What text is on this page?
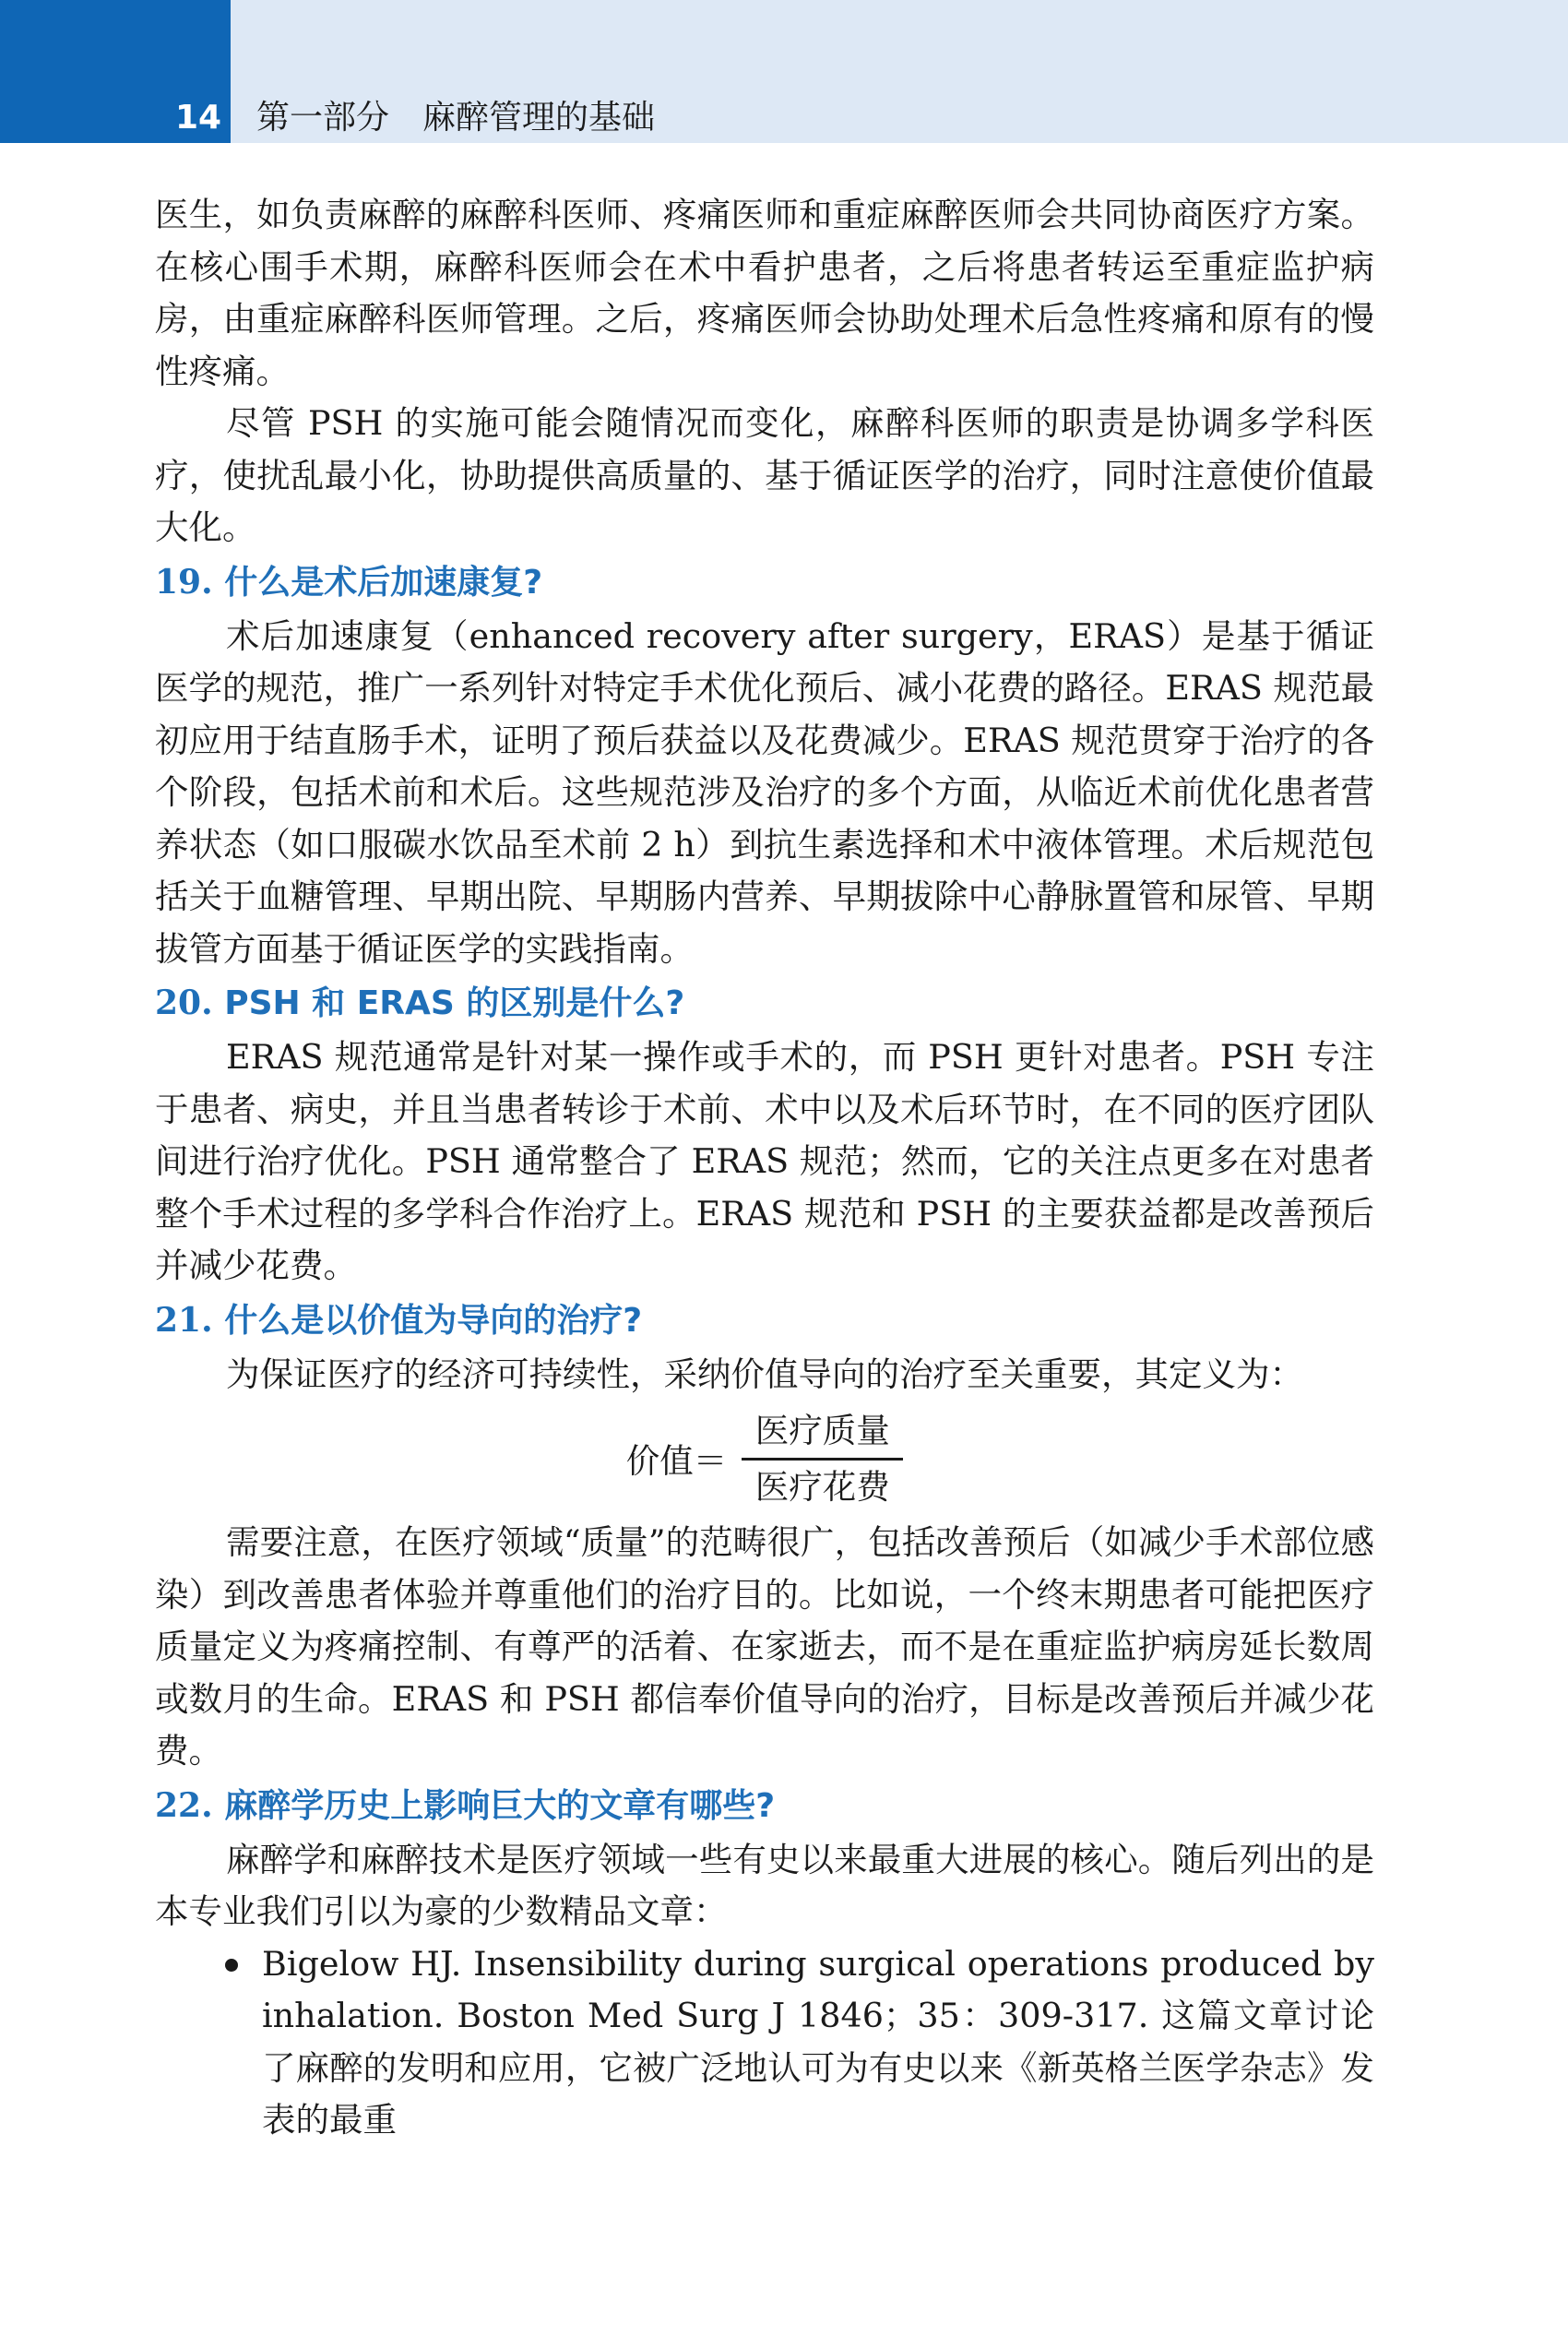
14 第一部分　麻醉管理的基础

医生，如负责麻醉的麻醉科医师、疼痛医师和重症麻醉医师会共同协商医疗方案。在核心围手术期，麻醉科医师会在术中看护患者，之后将患者转运至重症监护病房，由重症麻醉科医师管理。之后，疼痛医师会协助处理术后急性疼痛和原有的慢性疼痛。

尽管 PSH 的实施可能会随情况而变化，麻醉科医师的职责是协调多学科医疗，使扰乱最小化，协助提供高质量的、基于循证医学的治疗，同时注意使价值最大化。

19. 什么是术后加速康复?

术后加速康复（enhanced recovery after surgery，ERAS）是基于循证医学的规范，推广一系列针对特定手术优化预后、减小花费的路径。ERAS 规范最初应用于结直肠手术，证明了预后获益以及花费减少。ERAS 规范贯穿于治疗的各个阶段，包括术前和术后。这些规范涉及治疗的多个方面，从临近术前优化患者营养状态（如口服碳水饮品至术前 2 h）到抗生素选择和术中液体管理。术后规范包括关于血糖管理、早期出院、早期肠内营养、早期拔除中心静脉置管和尿管、早期拔管方面基于循证医学的实践指南。

20. PSH 和 ERAS 的区别是什么?

ERAS 规范通常是针对某一操作或手术的，而 PSH 更针对患者。PSH 专注于患者、病史，并且当患者转诊于术前、术中以及术后环节时，在不同的医疗团队间进行治疗优化。PSH 通常整合了 ERAS 规范；然而，它的关注点更多在对患者整个手术过程的多学科合作治疗上。ERAS 规范和 PSH 的主要获益都是改善预后并减少花费。

21. 什么是以价值为导向的治疗?

为保证医疗的经济可持续性，采纳价值导向的治疗至关重要，其定义为：

价值＝ $\frac{\text{医疗质量}}{\text{医疗花费}}$

需要注意，在医疗领域“质量”的范畴很广，包括改善预后（如减少手术部位感染）到改善患者体验并尊重他们的治疗目的。比如说，一个终末期患者可能把医疗质量定义为疼痛控制、有尊严的活着、在家逝去，而不是在重症监护病房延长数周或数月的生命。ERAS 和 PSH 都信奉价值导向的治疗，目标是改善预后并减少花费。

22. 麻醉学历史上影响巨大的文章有哪些?

麻醉学和麻醉技术是医疗领域一些有史以来最重大进展的核心。随后列出的是本专业我们引以为豪的少数精品文章：

Bigelow HJ. Insensibility during surgical operations produced by inhalation. Boston Med Surg J 1846；35：309-317. 这篇文章讨论了麻醉的发明和应用，它被广泛地认可为有史以来《新英格兰医学杂志》发表的最重
